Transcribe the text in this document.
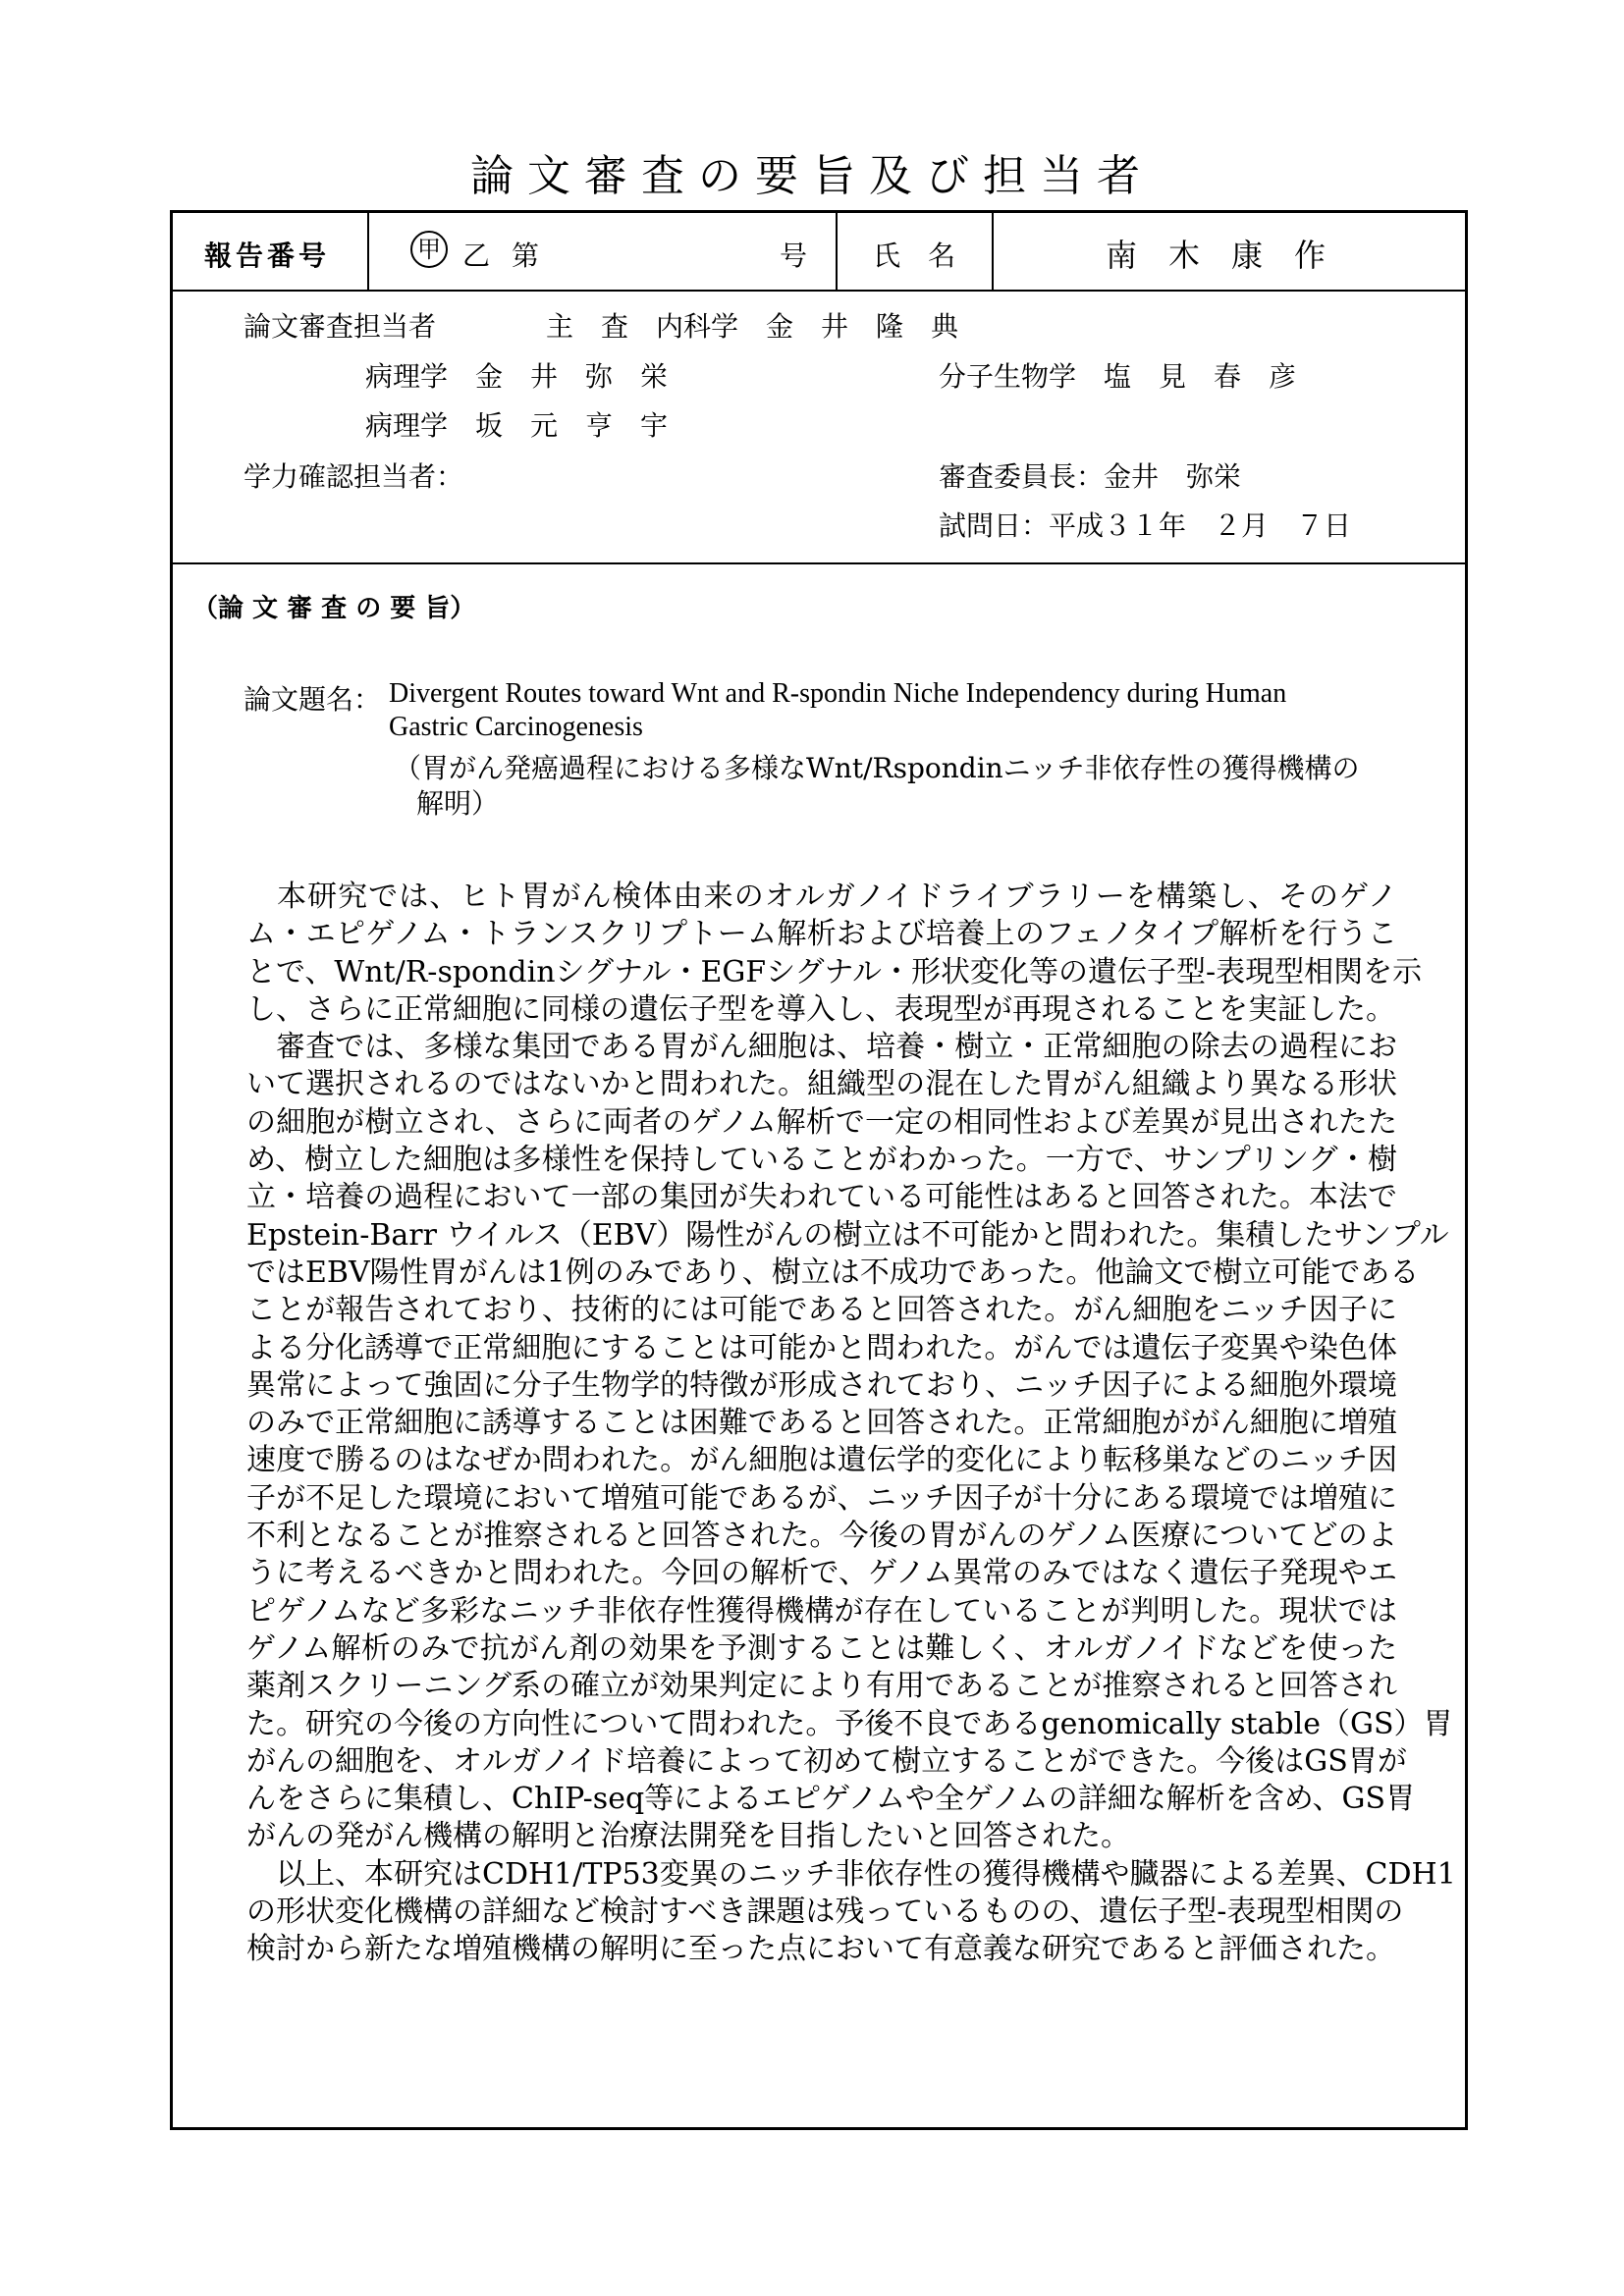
論文審査の要旨及び担当者
報告番号	甲 乙 第	号 氏　名	南　木　康　作
論文審査担当者	主　査　内科学　金　井　隆　典
病理学　金　井　弥　栄	分子生物学　塩　見　春　彦
病理学　坂　元　亨　宇
学力確認担当者：	審査委員長：金井　弥栄
試問日：平成３１年　２月　７日
（論 文 審 査 の 要 旨）
論文題名： Divergent Routes toward Wnt and R-spondin Niche Independency during Human
Gastric Carcinogenesis
（胃がん発癌過程における多様なWnt/Rspondinニッチ非依存性の獲得機構の
解明）
　本研究では、ヒト胃がん検体由来のオルガノイドライブラリーを構築し、そのゲノ
ム・エピゲノム・トランスクリプトーム解析および培養上のフェノタイプ解析を行うこ
とで、Wnt/R-spondinシグナル・EGFシグナル・形状変化等の遺伝子型-表現型相関を示
し、さらに正常細胞に同様の遺伝子型を導入し、表現型が再現されることを実証した。
　審査では、多様な集団である胃がん細胞は、培養・樹立・正常細胞の除去の過程にお
いて選択されるのではないかと問われた。組織型の混在した胃がん組織より異なる形状
の細胞が樹立され、さらに両者のゲノム解析で一定の相同性および差異が見出されたた
め、樹立した細胞は多様性を保持していることがわかった。一方で、サンプリング・樹
立・培養の過程において一部の集団が失われている可能性はあると回答された。本法で
Epstein-Barr ウイルス（EBV）陽性がんの樹立は不可能かと問われた。集積したサンプル
ではEBV陽性胃がんは1例のみであり、樹立は不成功であった。他論文で樹立可能である
ことが報告されており、技術的には可能であると回答された。がん細胞をニッチ因子に
よる分化誘導で正常細胞にすることは可能かと問われた。がんでは遺伝子変異や染色体
異常によって強固に分子生物学的特徴が形成されており、ニッチ因子による細胞外環境
のみで正常細胞に誘導することは困難であると回答された。正常細胞ががん細胞に増殖
速度で勝るのはなぜか問われた。がん細胞は遺伝学的変化により転移巣などのニッチ因
子が不足した環境において増殖可能であるが、ニッチ因子が十分にある環境では増殖に
不利となることが推察されると回答された。今後の胃がんのゲノム医療についてどのよ
うに考えるべきかと問われた。今回の解析で、ゲノム異常のみではなく遺伝子発現やエ
ピゲノムなど多彩なニッチ非依存性獲得機構が存在していることが判明した。現状では
ゲノム解析のみで抗がん剤の効果を予測することは難しく、オルガノイドなどを使った
薬剤スクリーニング系の確立が効果判定により有用であることが推察されると回答され
た。研究の今後の方向性について問われた。予後不良であるgenomically stable（GS）胃
がんの細胞を、オルガノイド培養によって初めて樹立することができた。今後はGS胃が
んをさらに集積し、ChIP-seq等によるエピゲノムや全ゲノムの詳細な解析を含め、GS胃
がんの発がん機構の解明と治療法開発を目指したいと回答された。
　以上、本研究はCDH1/TP53変異のニッチ非依存性の獲得機構や臓器による差異、CDH1
の形状変化機構の詳細など検討すべき課題は残っているものの、遺伝子型-表現型相関の
検討から新たな増殖機構の解明に至った点において有意義な研究であると評価された。
